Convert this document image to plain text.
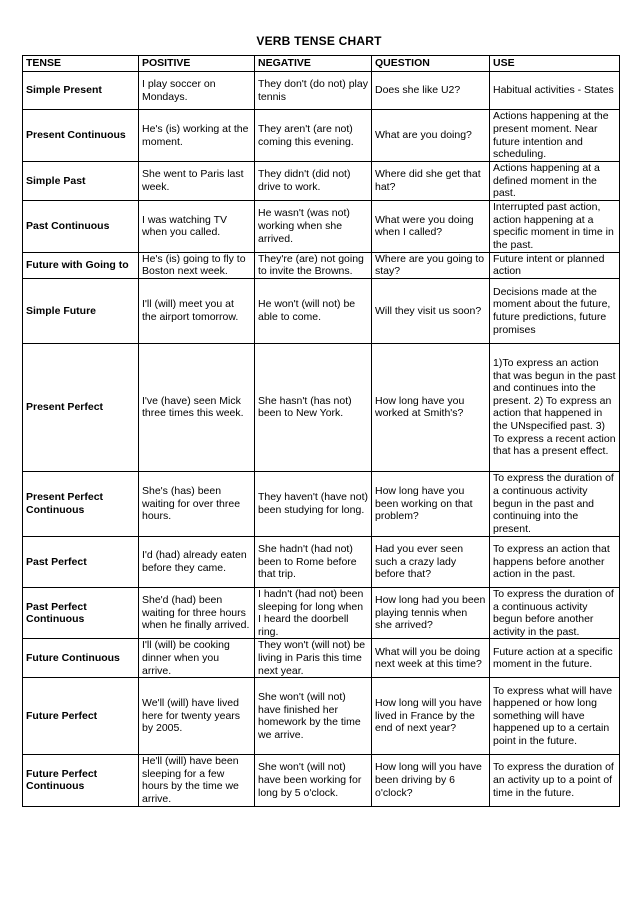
VERB TENSE CHART
TENSE	POSITIVE	NEGATIVE	QUESTION	USE
Simple Present	I play soccer on Mondays.	They don't (do not) play tennis	Does she like U2?	Habitual activities - States
Present Continuous	He's (is) working at the moment.	They aren't (are not) coming this evening.	What are you doing?	Actions happening at the present moment. Near future intention and scheduling.
Simple Past	She went to Paris last week.	They didn't (did not) drive to work.	Where did she get that hat?	Actions happening at a defined moment in the past.
Past Continuous	I was watching TV when you called.	He wasn't (was not) working when she arrived.	What were you doing when I called?	Interrupted past action, action happening at a specific moment in time in the past.
Future with Going to	He's (is) going to fly to Boston next week.	They're (are) not going to invite the Browns.	Where are you going to stay?	Future intent or planned action
Simple Future	I'll (will) meet you at the airport tomorrow.	He won't (will not) be able to come.	Will they visit us soon?	Decisions made at the moment about the future, future predictions, future promises
Present Perfect	I've (have) seen Mick three times this week.	She hasn't (has not) been to New York.	How long have you worked at Smith's?	1)To express an action that was begun in the past and continues into the present. 2) To express an action that happened in the UNspecified past. 3) To express a recent action that has a present effect.
Present Perfect Continuous	She's (has) been waiting for over three hours.	They haven't (have not) been studying for long.	How long have you been working on that problem?	To express the duration of a continuous activity begun in the past and continuing into the present.
Past Perfect	I'd (had) already eaten before they came.	She hadn't (had not) been to Rome before that trip.	Had you ever seen such a crazy lady before that?	To express an action that happens before another action in the past.
Past Perfect Continuous	She'd (had) been waiting for three hours when he finally arrived.	I hadn't (had not) been sleeping for long when I heard the doorbell ring.	How long had you been playing tennis when she arrived?	To express the duration of a continuous activity begun before another activity in the past.
Future Continuous	I'll (will) be cooking dinner when you arrive.	They won't (will not) be living in Paris this time next year.	What will you be doing next week at this time?	Future action at a specific moment in the future.
Future Perfect	We'll (will) have lived here for twenty years by 2005.	She won't (will not) have finished her homework by the time we arrive.	How long will you have lived in France by the end of next year?	To express what will have happened or how long something will have happened up to a certain point in the future.
Future Perfect Continuous	He'll (will) have been sleeping for a few hours by the time we arrive.	She won't (will not) have been working for long by 5 o'clock.	How long will you have been driving by 6 o'clock?	To express the duration of an activity up to a point of time in the future.
